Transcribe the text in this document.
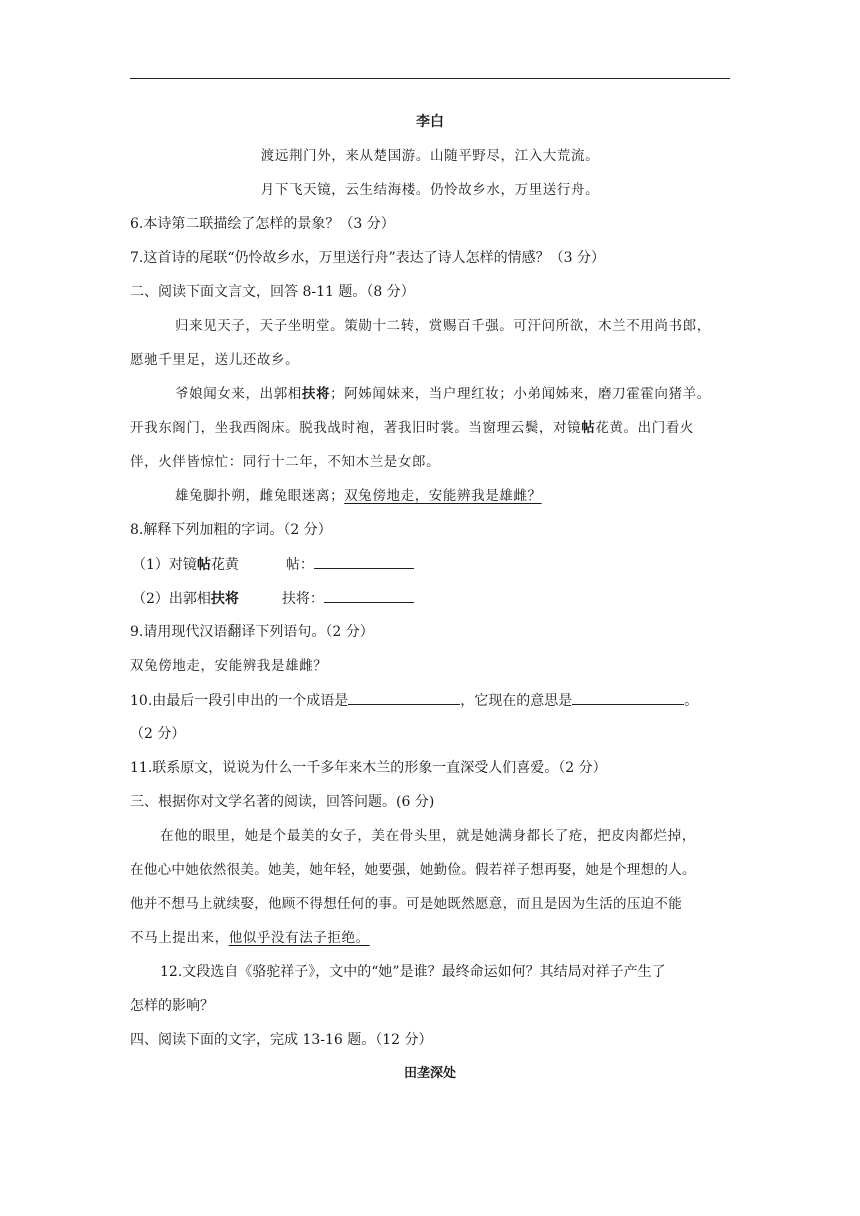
李白
渡远荆门外，来从楚国游。山随平野尽，江入大荒流。
月下飞天镜，云生结海楼。仍怜故乡水，万里送行舟。
6.本诗第二联描绘了怎样的景象？（3 分）
7.这首诗的尾联“仍怜故乡水，万里送行舟”表达了诗人怎样的情感？（3 分）
二、阅读下面文言文，回答 8-11 题。（8 分）
归来见天子，天子坐明堂。策勋十二转，赏赐百千强。可汗问所欲，木兰不用尚书郎，
愿驰千里足，送儿还故乡。
爷娘闻女来，出郭相扶将；阿姊闻妹来，当户理红妆；小弟闻姊来，磨刀霍霍向猪羊。
开我东阁门，坐我西阁床。脱我战时袍，著我旧时裳。当窗理云鬓，对镜帖花黄。出门看火
伴，火伴皆惊忙：同行十二年，不知木兰是女郎。
雄兔脚扑朔，雌兔眼迷离；双兔傍地走，安能辨我是雄雌？
8.解释下列加粗的字词。（2 分）
（1）对镜帖花黄	帖：
（2）出郭相扶将	扶将：
9.请用现代汉语翻译下列语句。（2 分）
双兔傍地走，安能辨我是雄雌？
10.由最后一段引申出的一个成语是	，它现在的意思是	。
（2 分）
11.联系原文，说说为什么一千多年来木兰的形象一直深受人们喜爱。（2 分）
三、根据你对文学名著的阅读，回答问题。(6 分)
在他的眼里，她是个最美的女子，美在骨头里，就是她满身都长了疮，把皮肉都烂掉，
在他心中她依然很美。她美，她年轻，她要强，她勤俭。假若祥子想再娶，她是个理想的人。
他并不想马上就续娶，他顾不得想任何的事。可是她既然愿意，而且是因为生活的压迫不能
不马上提出来，他似乎没有法子拒绝。
12.文段选自《骆驼祥子》，文中的“她”是谁？最终命运如何？其结局对祥子产生了
怎样的影响？
四、阅读下面的文字，完成 13-16 题。（12 分）
田垄深处
